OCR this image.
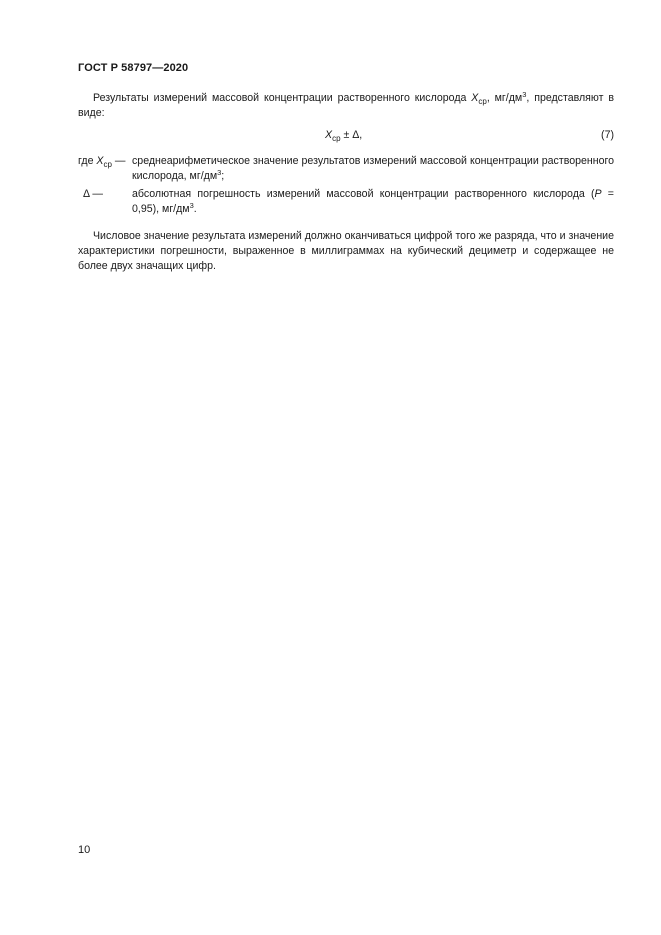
ГОСТ Р 58797—2020
Результаты измерений массовой концентрации растворенного кислорода $X_{ср}$, $мг/дм^3$, представляют в виде:
$X_{ср} \pm \Delta$,	(7)
где $X_{ср}$ — среднеарифметическое значение результатов измерений массовой концентрации растворенного кислорода, $мг/дм^3$;
Δ —	абсолютная погрешность измерений массовой концентрации растворенного кислорода (P = 0,95), $мг/дм^3$.
Числовое значение результата измерений должно оканчиваться цифрой того же разряда, что и значение характеристики погрешности, выраженное в миллиграммах на кубический дециметр и содержащее не более двух значащих цифр.
10
